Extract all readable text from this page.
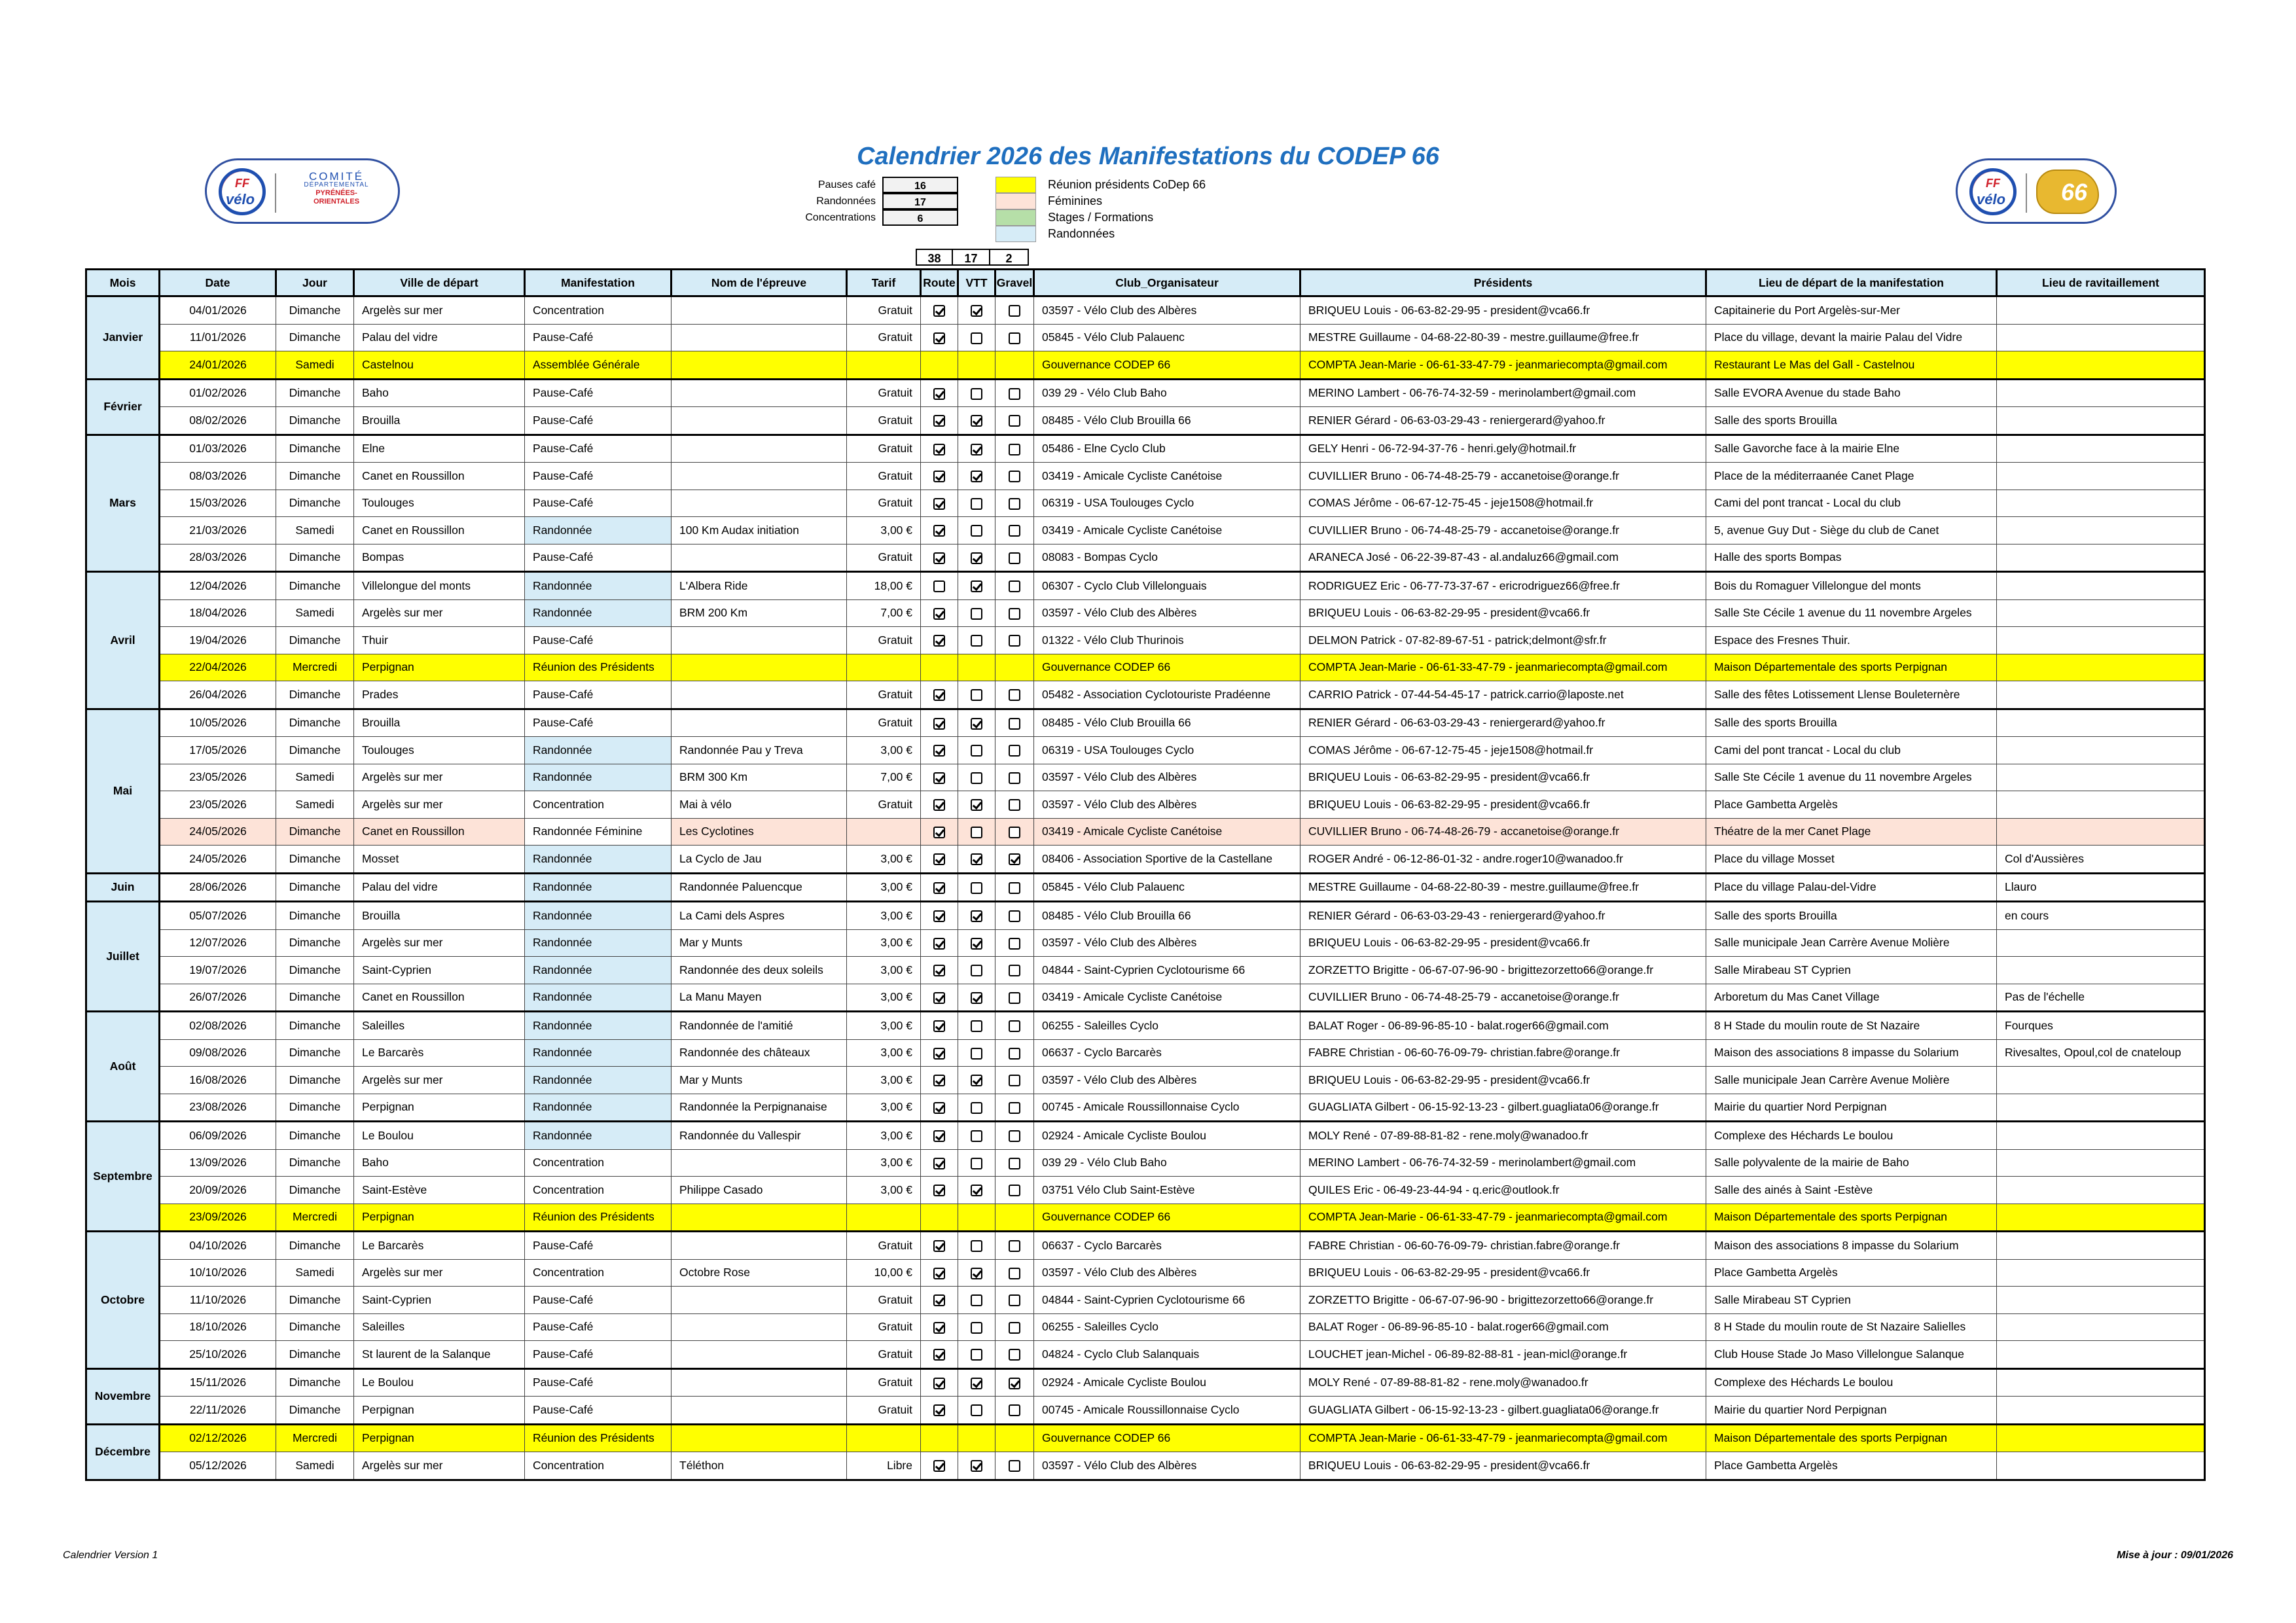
Calendrier 2026 des Manifestations du CODEP 66
FF
vélo
COMITÉ
DÉPARTEMENTAL
PYRÉNÉES-
ORIENTALES
FF
vélo 66
Pauses café	16
Randonnées	17
Concentrations	6
Réunion présidents CoDep 66
Féminines
Stages / Formations
Randonnées
38	17	2
Mois	Date	Jour	Ville de départ	Manifestation	Nom de l'épreuve	Tarif	Route	VTT	Gravel	Club_Organisateur	Présidents	Lieu de départ de la manifestation	Lieu de ravitaillement
Janvier	04/01/2026	Dimanche	Argelès sur mer	Concentration		Gratuit				03597 - Vélo Club des Albères	BRIQUEU Louis - 06-63-82-29-95 - president@vca66.fr	Capitainerie du Port Argelès-sur-Mer	
	11/01/2026	Dimanche	Palau del vidre	Pause-Café		Gratuit				05845 - Vélo Club Palauenc	MESTRE Guillaume - 04-68-22-80-39 - mestre.guillaume@free.fr	Place du village, devant la mairie Palau del Vidre	
	24/01/2026	Samedi	Castelnou	Assemblée Générale						Gouvernance CODEP 66	COMPTA Jean-Marie - 06-61-33-47-79 - jeanmariecompta@gmail.com	Restaurant Le Mas del Gall - Castelnou	
Février	01/02/2026	Dimanche	Baho	Pause-Café		Gratuit				039 29 - Vélo Club Baho	MERINO Lambert - 06-76-74-32-59 - merinolambert@gmail.com	Salle EVORA Avenue du stade Baho	
	08/02/2026	Dimanche	Brouilla	Pause-Café		Gratuit				08485 - Vélo Club Brouilla 66	RENIER Gérard - 06-63-03-29-43 - reniergerard@yahoo.fr	Salle des sports Brouilla	
Mars	01/03/2026	Dimanche	Elne	Pause-Café		Gratuit				05486 - Elne Cyclo Club	GELY Henri - 06-72-94-37-76 - henri.gely@hotmail.fr	Salle Gavorche face à la mairie Elne	
	08/03/2026	Dimanche	Canet en Roussillon	Pause-Café		Gratuit				03419 - Amicale Cycliste Canétoise	CUVILLIER Bruno - 06-74-48-25-79 - accanetoise@orange.fr	Place de la méditerraanée Canet Plage	
	15/03/2026	Dimanche	Toulouges	Pause-Café		Gratuit				06319 - USA Toulouges Cyclo	COMAS Jérôme - 06-67-12-75-45 - jeje1508@hotmail.fr	Cami del pont trancat - Local du club	
	21/03/2026	Samedi	Canet en Roussillon	Randonnée	100 Km Audax initiation	3,00 €				03419 - Amicale Cycliste Canétoise	CUVILLIER Bruno - 06-74-48-25-79 - accanetoise@orange.fr	5, avenue Guy Dut - Siège du club de Canet	
	28/03/2026	Dimanche	Bompas	Pause-Café		Gratuit				08083 - Bompas Cyclo	ARANECA José - 06-22-39-87-43 - al.andaluz66@gmail.com	Halle des sports Bompas	
Avril	12/04/2026	Dimanche	Villelongue del monts	Randonnée	L'Albera Ride	18,00 €				06307 - Cyclo Club Villelonguais	RODRIGUEZ Eric - 06-77-73-37-67 - ericrodriguez66@free.fr	Bois du Romaguer Villelongue del monts	
	18/04/2026	Samedi	Argelès sur mer	Randonnée	BRM 200 Km	7,00 €				03597 - Vélo Club des Albères	BRIQUEU Louis - 06-63-82-29-95 - president@vca66.fr	Salle Ste Cécile 1 avenue du 11 novembre Argeles	
	19/04/2026	Dimanche	Thuir	Pause-Café		Gratuit				01322 - Vélo Club Thurinois	DELMON Patrick - 07-82-89-67-51 - patrick;delmont@sfr.fr	Espace des Fresnes Thuir.	
	22/04/2026	Mercredi	Perpignan	Réunion des Présidents						Gouvernance CODEP 66	COMPTA Jean-Marie - 06-61-33-47-79 - jeanmariecompta@gmail.com	Maison Départementale des sports Perpignan	
	26/04/2026	Dimanche	Prades	Pause-Café		Gratuit				05482 - Association Cyclotouriste Pradéenne	CARRIO Patrick - 07-44-54-45-17 - patrick.carrio@laposte.net	Salle des fêtes Lotissement Llense Bouleternère	
Mai	10/05/2026	Dimanche	Brouilla	Pause-Café		Gratuit				08485 - Vélo Club Brouilla 66	RENIER Gérard - 06-63-03-29-43 - reniergerard@yahoo.fr	Salle des sports Brouilla	
	17/05/2026	Dimanche	Toulouges	Randonnée	Randonnée Pau y Treva	3,00 €				06319 - USA Toulouges Cyclo	COMAS Jérôme - 06-67-12-75-45 - jeje1508@hotmail.fr	Cami del pont trancat - Local du club	
	23/05/2026	Samedi	Argelès sur mer	Randonnée	BRM 300 Km	7,00 €				03597 - Vélo Club des Albères	BRIQUEU Louis - 06-63-82-29-95 - president@vca66.fr	Salle Ste Cécile 1 avenue du 11 novembre Argeles	
	23/05/2026	Samedi	Argelès sur mer	Concentration	Mai à vélo	Gratuit				03597 - Vélo Club des Albères	BRIQUEU Louis - 06-63-82-29-95 - president@vca66.fr	Place Gambetta Argelès	
	24/05/2026	Dimanche	Canet en Roussillon	Randonnée Féminine	Les Cyclotines					03419 - Amicale Cycliste Canétoise	CUVILLIER Bruno - 06-74-48-26-79 - accanetoise@orange.fr	Théatre de la mer Canet Plage	
	24/05/2026	Dimanche	Mosset	Randonnée	La Cyclo de Jau	3,00 €				08406 - Association Sportive de la Castellane	ROGER André - 06-12-86-01-32 - andre.roger10@wanadoo.fr	Place du village Mosset	Col d'Aussières
Juin	28/06/2026	Dimanche	Palau del vidre	Randonnée	Randonnée Paluencque	3,00 €				05845 - Vélo Club Palauenc	MESTRE Guillaume - 04-68-22-80-39 - mestre.guillaume@free.fr	Place du village Palau-del-Vidre	Llauro
Juillet	05/07/2026	Dimanche	Brouilla	Randonnée	La Cami dels Aspres	3,00 €				08485 - Vélo Club Brouilla 66	RENIER Gérard - 06-63-03-29-43 - reniergerard@yahoo.fr	Salle des sports Brouilla	en cours
	12/07/2026	Dimanche	Argelès sur mer	Randonnée	Mar y Munts	3,00 €				03597 - Vélo Club des Albères	BRIQUEU Louis - 06-63-82-29-95 - president@vca66.fr	Salle municipale Jean Carrère Avenue Molière	
	19/07/2026	Dimanche	Saint-Cyprien	Randonnée	Randonnée des deux soleils	3,00 €				04844 - Saint-Cyprien Cyclotourisme 66	ZORZETTO Brigitte - 06-67-07-96-90 - brigittezorzetto66@orange.fr	Salle Mirabeau ST Cyprien	
	26/07/2026	Dimanche	Canet en Roussillon	Randonnée	La Manu Mayen	3,00 €				03419 - Amicale Cycliste Canétoise	CUVILLIER Bruno - 06-74-48-25-79 - accanetoise@orange.fr	Arboretum du Mas Canet Village	Pas de l'échelle
Août	02/08/2026	Dimanche	Saleilles	Randonnée	Randonnée de l'amitié	3,00 €				06255 - Saleilles Cyclo	BALAT Roger - 06-89-96-85-10 - balat.roger66@gmail.com	8 H Stade du moulin route de St Nazaire	Fourques
	09/08/2026	Dimanche	Le Barcarès	Randonnée	Randonnée des châteaux	3,00 €				06637 - Cyclo Barcarès	FABRE Christian - 06-60-76-09-79- christian.fabre@orange.fr	Maison des associations 8 impasse du Solarium	Rivesaltes, Opoul,col de cnateloup
	16/08/2026	Dimanche	Argelès sur mer	Randonnée	Mar y Munts	3,00 €				03597 - Vélo Club des Albères	BRIQUEU Louis - 06-63-82-29-95 - president@vca66.fr	Salle municipale Jean Carrère Avenue Molière	
	23/08/2026	Dimanche	Perpignan	Randonnée	Randonnée la Perpignanaise	3,00 €				00745 - Amicale Roussillonnaise Cyclo	GUAGLIATA Gilbert - 06-15-92-13-23 - gilbert.guagliata06@orange.fr	Mairie du quartier Nord Perpignan	
Septembre	06/09/2026	Dimanche	Le Boulou	Randonnée	Randonnée du Vallespir	3,00 €				02924 - Amicale Cycliste Boulou	MOLY René - 07-89-88-81-82 - rene.moly@wanadoo.fr	Complexe des Héchards Le boulou	
	13/09/2026	Dimanche	Baho	Concentration		3,00 €				039 29 - Vélo Club Baho	MERINO Lambert - 06-76-74-32-59 - merinolambert@gmail.com	Salle polyvalente de la mairie de Baho	
	20/09/2026	Dimanche	Saint-Estève	Concentration	Philippe Casado	3,00 €				03751 Vélo Club Saint-Estève	QUILES Eric - 06-49-23-44-94 - q.eric@outlook.fr	Salle des ainés à Saint -Estève	
	23/09/2026	Mercredi	Perpignan	Réunion des Présidents						Gouvernance CODEP 66	COMPTA Jean-Marie - 06-61-33-47-79 - jeanmariecompta@gmail.com	Maison Départementale des sports Perpignan	
Octobre	04/10/2026	Dimanche	Le Barcarès	Pause-Café		Gratuit				06637 - Cyclo Barcarès	FABRE Christian - 06-60-76-09-79- christian.fabre@orange.fr	Maison des associations 8 impasse du Solarium	
	10/10/2026	Samedi	Argelès sur mer	Concentration	Octobre Rose	10,00 €				03597 - Vélo Club des Albères	BRIQUEU Louis - 06-63-82-29-95 - president@vca66.fr	Place Gambetta Argelès	
	11/10/2026	Dimanche	Saint-Cyprien	Pause-Café		Gratuit				04844 - Saint-Cyprien Cyclotourisme 66	ZORZETTO Brigitte - 06-67-07-96-90 - brigittezorzetto66@orange.fr	Salle Mirabeau ST Cyprien	
	18/10/2026	Dimanche	Saleilles	Pause-Café		Gratuit				06255 - Saleilles Cyclo	BALAT Roger - 06-89-96-85-10 - balat.roger66@gmail.com	8 H Stade du moulin route de St Nazaire Salielles	
	25/10/2026	Dimanche	St laurent de la Salanque	Pause-Café		Gratuit				04824 - Cyclo Club Salanquais	LOUCHET jean-Michel - 06-89-82-88-81 - jean-micl@orange.fr	Club House Stade Jo Maso Villelongue Salanque	
Novembre	15/11/2026	Dimanche	Le Boulou	Pause-Café		Gratuit				02924 - Amicale Cycliste Boulou	MOLY René - 07-89-88-81-82 - rene.moly@wanadoo.fr	Complexe des Héchards Le boulou	
	22/11/2026	Dimanche	Perpignan	Pause-Café		Gratuit				00745 - Amicale Roussillonnaise Cyclo	GUAGLIATA Gilbert - 06-15-92-13-23 - gilbert.guagliata06@orange.fr	Mairie du quartier Nord Perpignan	
Décembre	02/12/2026	Mercredi	Perpignan	Réunion des Présidents						Gouvernance CODEP 66	COMPTA Jean-Marie - 06-61-33-47-79 - jeanmariecompta@gmail.com	Maison Départementale des sports Perpignan	
	05/12/2026	Samedi	Argelès sur mer	Concentration	Téléthon	Libre				03597 - Vélo Club des Albères	BRIQUEU Louis - 06-63-82-29-95 - president@vca66.fr	Place Gambetta Argelès	
Calendrier Version 1	Mise à jour : 09/01/2026
